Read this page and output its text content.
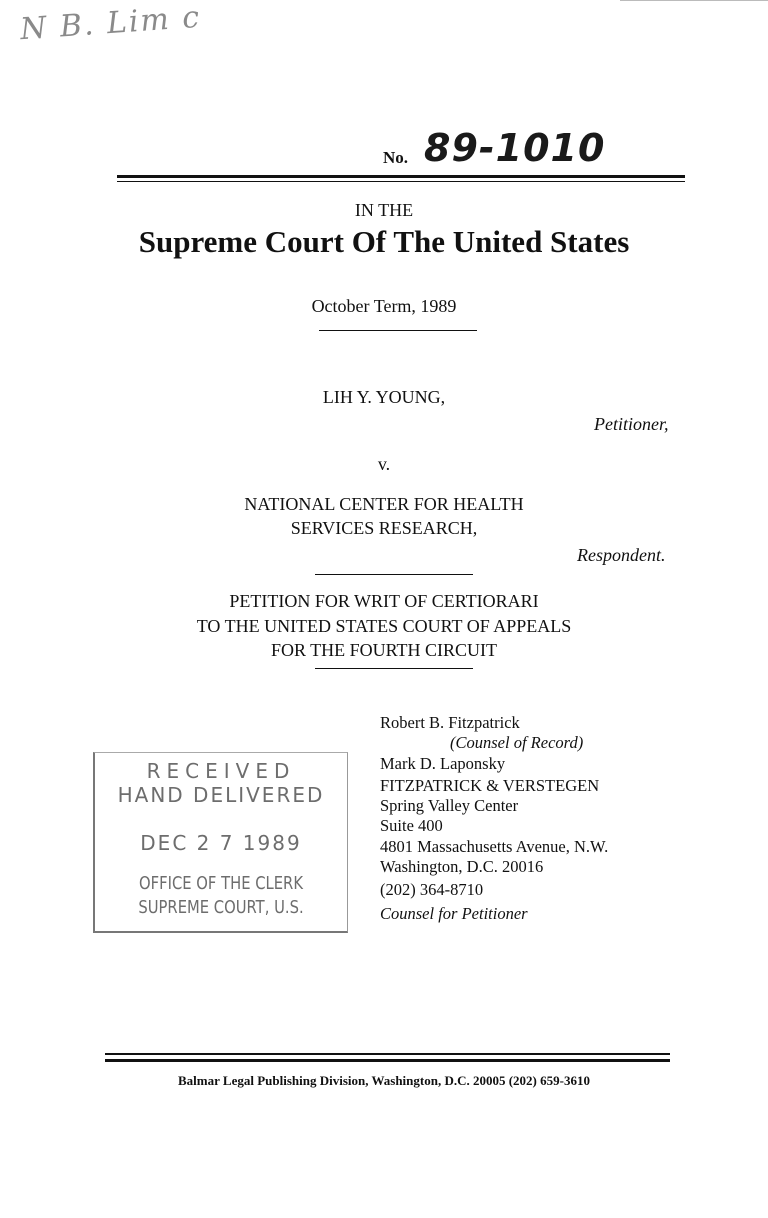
N B. Lim c
No. 89-1010
IN THE
Supreme Court Of The United States
October Term, 1989
LIH Y. YOUNG,
Petitioner,
v.
NATIONAL CENTER FOR HEALTH
SERVICES RESEARCH,
Respondent.
PETITION FOR WRIT OF CERTIORARI
TO THE UNITED STATES COURT OF APPEALS
FOR THE FOURTH CIRCUIT
RECEIVED
HAND DELIVERED
DEC 2 7 1989
OFFICE OF THE CLERK
SUPREME COURT, U.S.
Robert B. Fitzpatrick
(Counsel of Record)
Mark D. Laponsky
FITZPATRICK & VERSTEGEN
Spring Valley Center
Suite 400
4801 Massachusetts Avenue, N.W.
Washington, D.C. 20016
(202) 364-8710
Counsel for Petitioner
Balmar Legal Publishing Division, Washington, D.C. 20005 (202) 659-3610
